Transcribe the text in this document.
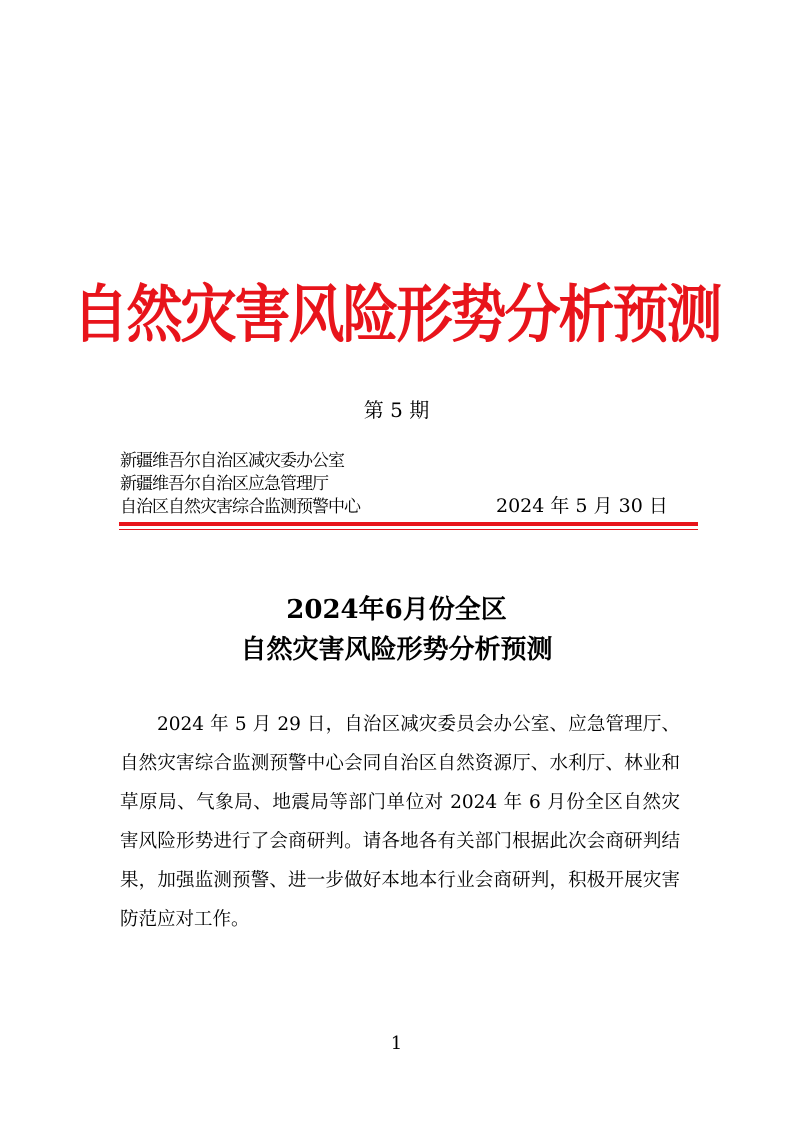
自然灾害风险形势分析预测
第 5 期
新疆维吾尔自治区减灾委办公室
新疆维吾尔自治区应急管理厅
自治区自然灾害综合监测预警中心	2024 年 5 月 30 日
2024年6月份全区
自然灾害风险形势分析预测
2024 年 5 月 29 日，自治区减灾委员会办公室、应急管理厅、自然灾害综合监测预警中心会同自治区自然资源厅、水利厅、林业和草原局、气象局、地震局等部门单位对 2024 年 6 月份全区自然灾害风险形势进行了会商研判。请各地各有关部门根据此次会商研判结果，加强监测预警、进一步做好本地本行业会商研判，积极开展灾害防范应对工作。
1
